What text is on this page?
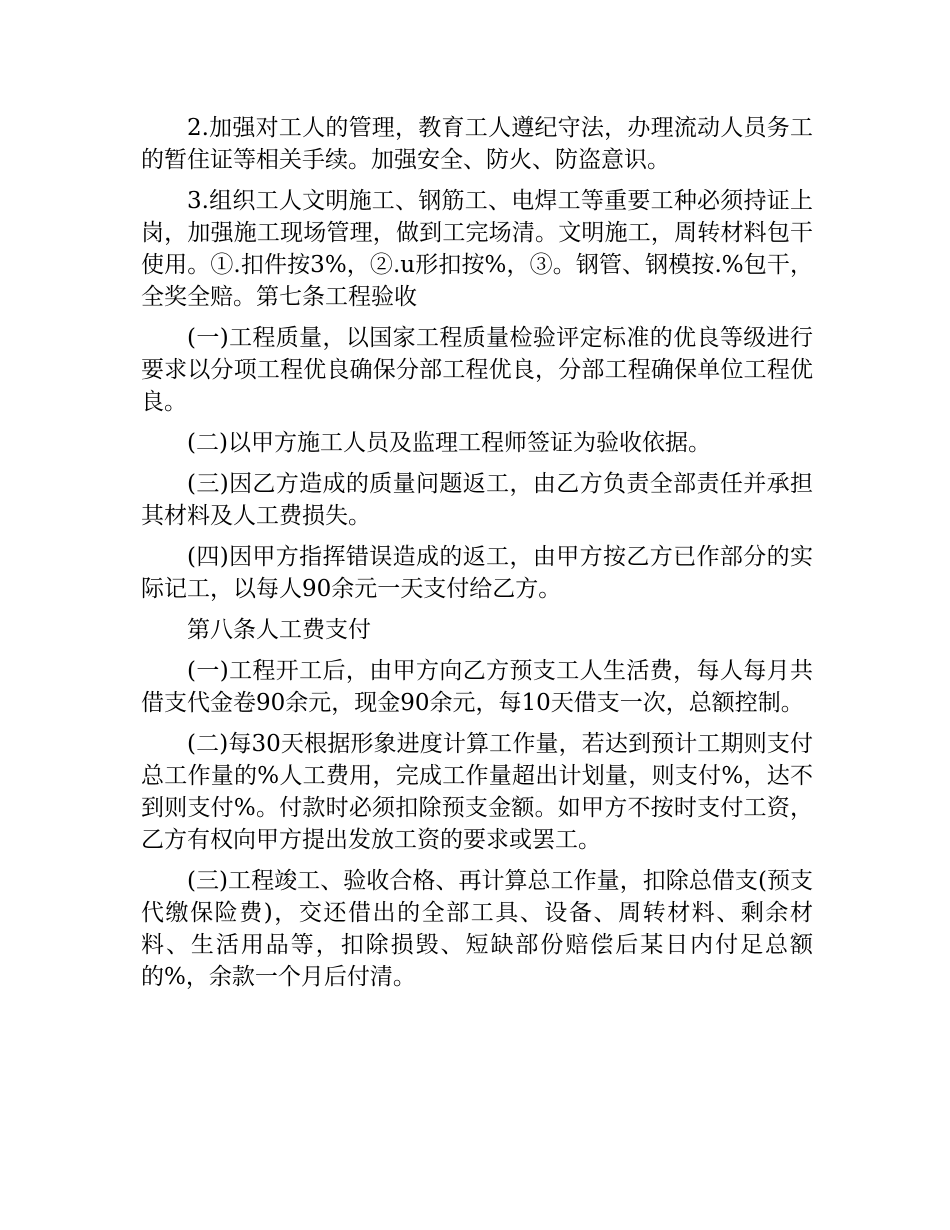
2.加强对工人的管理，教育工人遵纪守法，办理流动人员务工的暂住证等相关手续。加强安全、防火、防盗意识。

3.组织工人文明施工、钢筋工、电焊工等重要工种必须持证上岗，加强施工现场管理，做到工完场清。文明施工，周转材料包干使用。①.扣件按3%，②.u形扣按%，③。钢管、钢模按.%包干，全奖全赔。第七条工程验收

(一)工程质量，以国家工程质量检验评定标准的优良等级进行要求以分项工程优良确保分部工程优良，分部工程确保单位工程优良。

(二)以甲方施工人员及监理工程师签证为验收依据。

(三)因乙方造成的质量问题返工，由乙方负责全部责任并承担其材料及人工费损失。

(四)因甲方指挥错误造成的返工，由甲方按乙方已作部分的实际记工，以每人90余元一天支付给乙方。

第八条人工费支付

(一)工程开工后，由甲方向乙方预支工人生活费，每人每月共借支代金卷90余元，现金90余元，每10天借支一次，总额控制。

(二)每30天根据形象进度计算工作量，若达到预计工期则支付总工作量的%人工费用，完成工作量超出计划量，则支付%，达不到则支付%。付款时必须扣除预支金额。如甲方不按时支付工资，乙方有权向甲方提出发放工资的要求或罢工。

(三)工程竣工、验收合格、再计算总工作量，扣除总借支(预支代缴保险费)，交还借出的全部工具、设备、周转材料、剩余材料、生活用品等，扣除损毁、短缺部份赔偿后某日内付足总额的%，余款一个月后付清。
